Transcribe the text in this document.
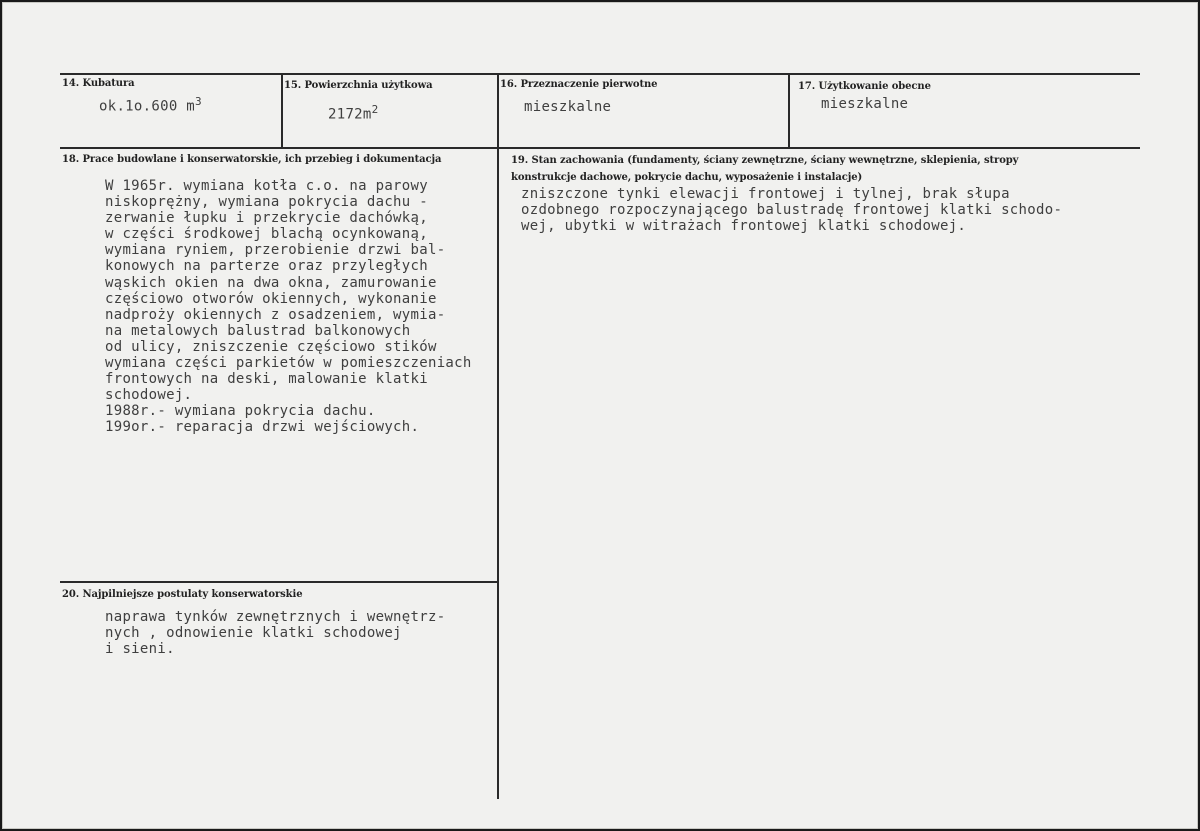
14. Kubatura
ok.1o.600 $m^3$
15. Powierzchnia użytkowa
$2172m^2$
16. Przeznaczenie pierwotne
mieszkalne
17. Użytkowanie obecne
mieszkalne
18. Prace budowlane i konserwatorskie, ich przebieg i dokumentacja
W 1965r. wymiana kotła c.o. na parowy
niskoprężny, wymiana pokrycia dachu -
zerwanie łupku i przekrycie dachówką,
w części środkowej blachą ocynkowaną,
wymiana ryniem, przerobienie drzwi bal-
konowych na parterze oraz przyległych
wąskich okien na dwa okna, zamurowanie
częściowo otworów okiennych, wykonanie
nadproży okiennych z osadzeniem, wymia-
na metalowych balustrad balkonowych
od ulicy, zniszczenie częściowo stików
wymiana części parkietów w pomieszczeniach
frontowych na deski, malowanie klatki
schodowej.
1988r.- wymiana pokrycia dachu.
199or.- reparacja drzwi wejściowych.
19. Stan zachowania (fundamenty, ściany zewnętrzne, ściany wewnętrzne, sklepienia, stropy
konstrukcje dachowe, pokrycie dachu, wyposażenie i instalacje)
zniszczone tynki elewacji frontowej i tylnej, brak słupa
ozdobnego rozpoczynającego balustradę frontowej klatki schodo-
wej, ubytki w witrażach frontowej klatki schodowej.
20. Najpilniejsze postulaty konserwatorskie
naprawa tynków zewnętrznych i wewnętrz-
nych , odnowienie klatki schodowej
i sieni.
